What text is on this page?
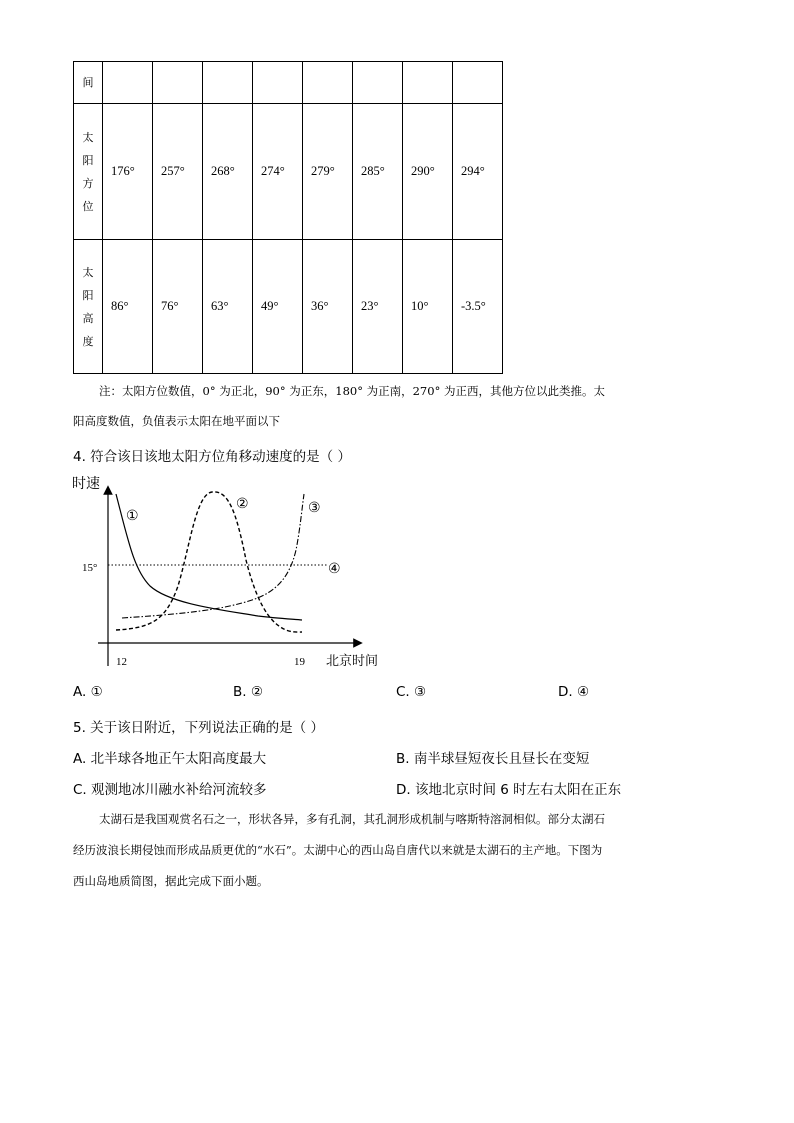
间								

太
阳
方
位	176°	257°	268°	274°	279°	285°	290°	294°

太
阳
高
度	86°	76°	63°	49°	36°	23°	10°	-3.5°
注：太阳方位数值，0° 为正北，90° 为正东，180° 为正南，270° 为正西，其他方位以此类推。太
阳高度数值，负值表示太阳在地平面以下
4. 符合该日该地太阳方位角移动速度的是（ ）
时速
北京时间
12	19
15°
①
②	③
④
A. ①	B. ②	C. ③	D. ④
5. 关于该日附近，下列说法正确的是（ ）
A. 北半球各地正午太阳高度最大	B. 南半球昼短夜长且昼长在变短
C. 观测地冰川融水补给河流较多	D. 该地北京时间 6 时左右太阳在正东
太湖石是我国观赏名石之一，形状各异，多有孔洞，其孔洞形成机制与喀斯特溶洞相似。部分太湖石
经历波浪长期侵蚀而形成品质更优的“水石”。太湖中心的西山岛自唐代以来就是太湖石的主产地。下图为
西山岛地质简图，据此完成下面小题。
